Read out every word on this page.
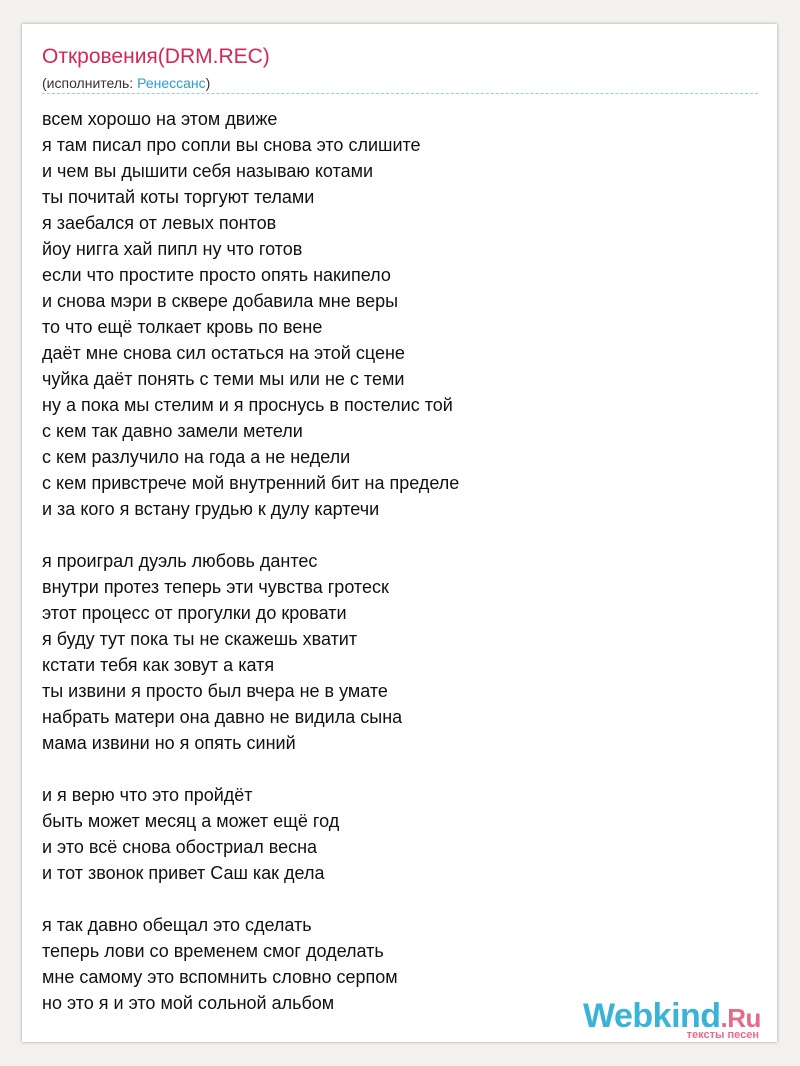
Откровения(DRM.REC)
(исполнитель: Ренессанс)
всем хорошо на этом движе
я там писал про сопли вы снова это слишите
и чем вы дышити себя называю котами
ты почитай коты торгуют телами
я заебался от левых понтов
йоу нигга хай пипл ну что готов
если что простите просто опять накипело
и снова мэри в сквере добавила мне веры
то что ещё толкает кровь по вене
даёт мне снова сил остаться на этой сцене
чуйка даёт понять с теми мы или не с теми
ну а пока мы стелим и я проснусь в постелис той
с кем так давно замели метели
с кем разлучило на года а не недели
с кем привстрече мой внутренний бит на пределе
и за кого я встану грудью к дулу картечи
я проиграл дуэль любовь дантес
внутри протез теперь эти чувства гротеск
этот процесс от прогулки до кровати
я буду тут пока ты не скажешь хватит
кстати тебя как зовут а катя
ты извини я просто был вчера не в умате
набрать матери она давно не видила сына
мама извини но я опять синий
и я верю что это пройдёт
быть может месяц а может ещё год
и это всё снова обостриал весна
и тот звонок привет Саш как дела
я так давно обещал это сделать
теперь лови со временем смог доделать
мне самому это вспомнить словно серпом
но это я и это мой сольной альбом	Webkind.Ru
тексты песен
